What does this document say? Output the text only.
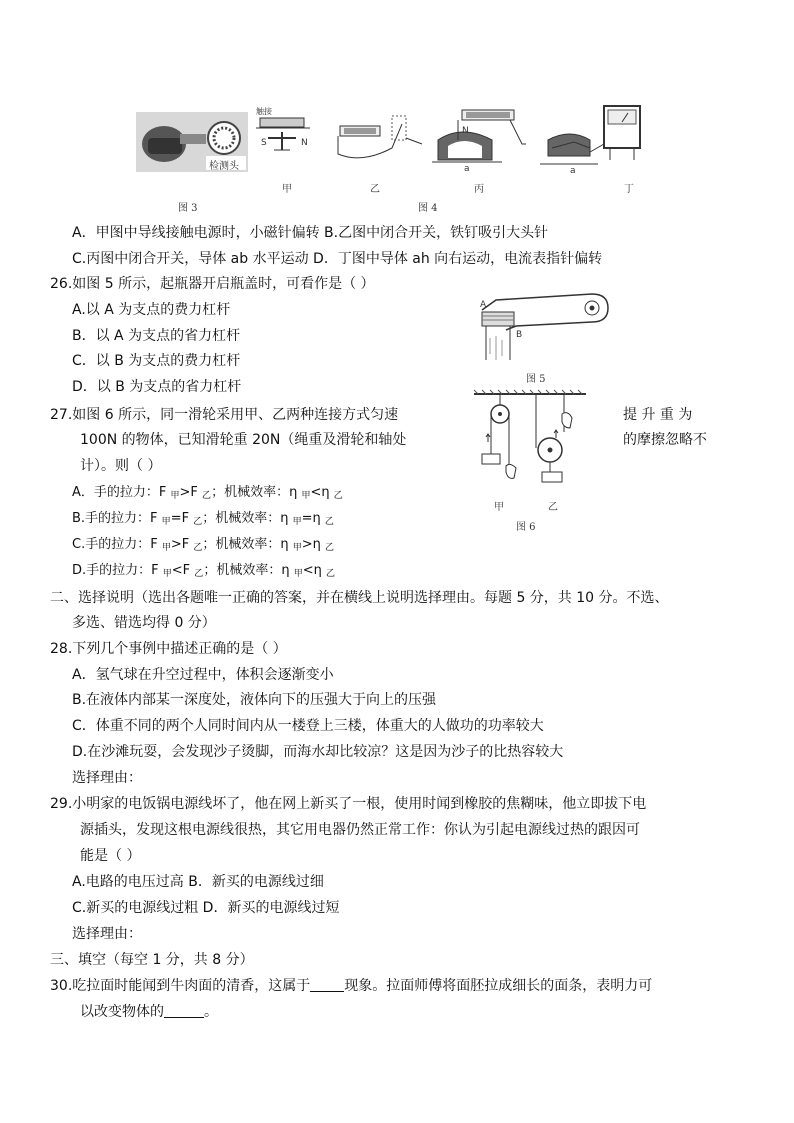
检测头
图 3
触接
S	N
N
a	a
甲	乙
图 4
丙	丁
A．甲图中导线接触电源时，小磁针偏转 B.乙图中闭合开关，铁钉吸引大头针
C.丙图中闭合开关，导体 ab 水平运动 D．丁图中导体 ah 向右运动，电流表指针偏转
26.如图 5 所示，起瓶器开启瓶盖时，可看作是（ ）
A.以 A 为支点的费力杠杆
B．以 A 为支点的省力杠杆
C．以 B 为支点的费力杠杆
D．以 B 为支点的省力杠杆
A
B
图 5
27.如图 6 所示，同一滑轮采用甲、乙两种连接方式匀速	提 升 重 为
100N 的物体，已知滑轮重 20N（绳重及滑轮和轴处	的摩擦忽略不
计）。则（ ）
A．手的拉力：F $_甲$>F $_乙$；机械效率：η $_甲$<η $_乙$
B.手的拉力：F $_甲$=F $_乙$；机械效率：η $_甲$=η $_乙$
C.手的拉力：F $_甲$>F $_乙$；机械效率：η $_甲$>η $_乙$
D.手的拉力：F $_甲$<F $_乙$；机械效率：η $_甲$<η $_乙$
甲	乙
图 6
二、选择说明（选出各题唯一正确的答案，并在横线上说明选择理由。每题 5 分，共 10 分。不选、
多选、错选均得 0 分）
28.下列几个事例中描述正确的是（ ）
A．氢气球在升空过程中，体积会逐渐变小
B.在液体内部某一深度处，液体向下的压强大于向上的压强
C．体重不同的两个人同时间内从一楼登上三楼，体重大的人做功的功率较大
D.在沙滩玩耍，会发现沙子烫脚，而海水却比较凉？这是因为沙子的比热容较大
选择理由：
29.小明家的电饭锅电源线坏了，他在网上新买了一根，使用时闻到橡胶的焦糊味，他立即拔下电
源插头，发现这根电源线很热，其它用电器仍然正常工作：你认为引起电源线过热的跟因可
能是（ ）
A.电路的电压过高 B．新买的电源线过细
C.新买的电源线过粗 D．新买的电源线过短
选择理由：
三、填空（每空 1 分，共 8 分）
30.吃拉面时能闻到牛肉面的清香，这属于 现象。拉面师傅将面胚拉成细长的面条，表明力可
以改变物体的	。
